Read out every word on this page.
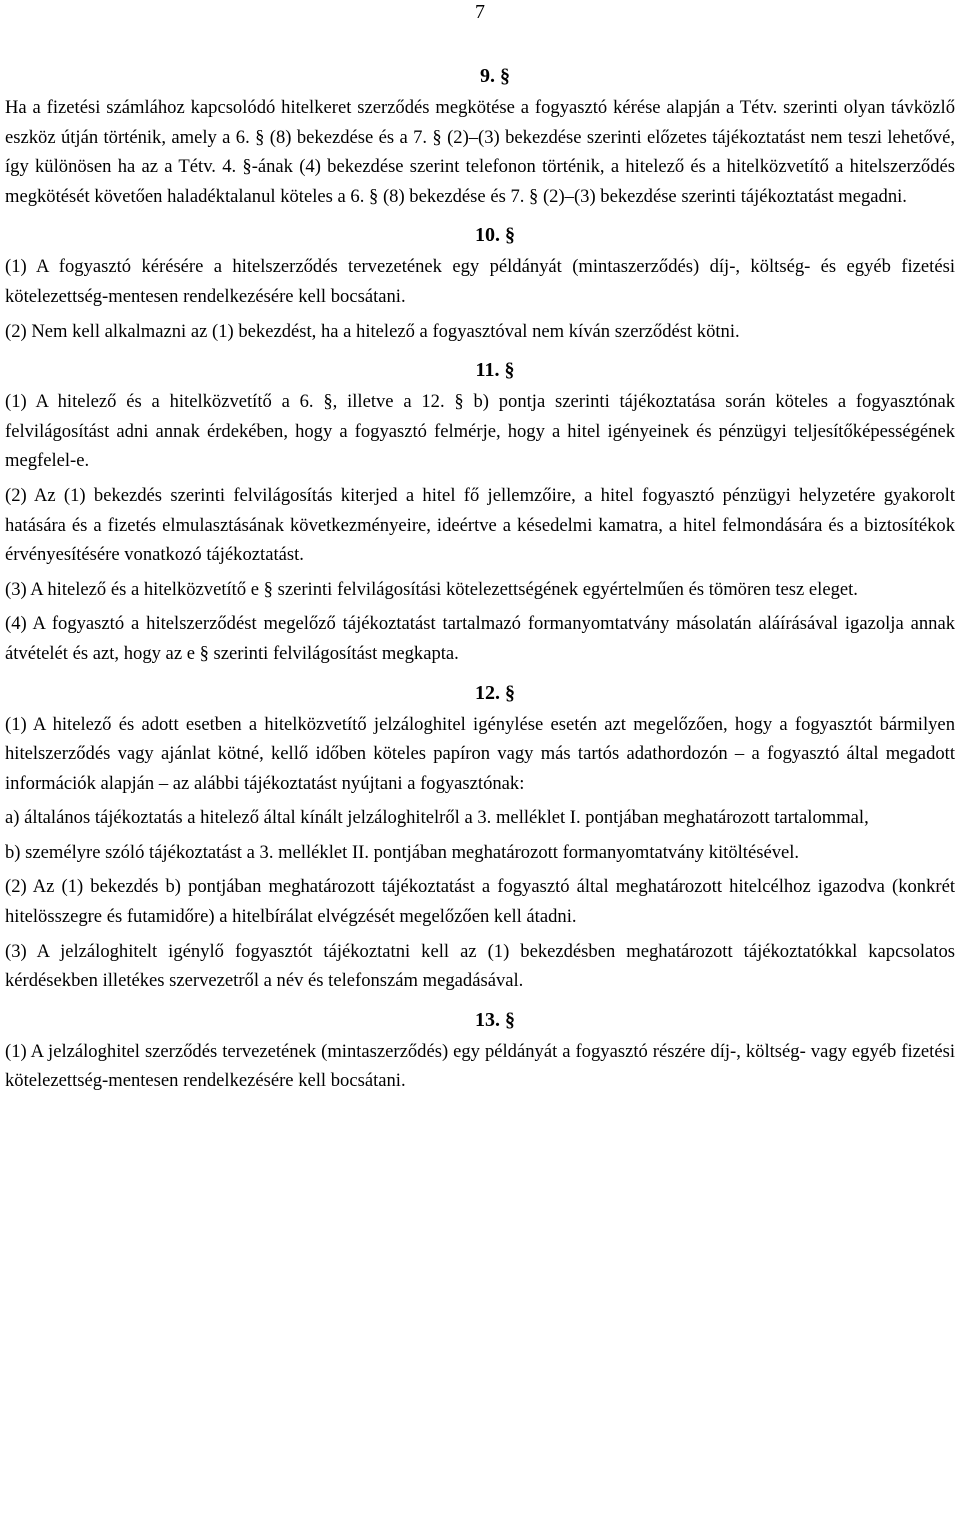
7
9. §

Ha a fizetési számlához kapcsolódó hitelkeret szerződés megkötése a fogyasztó kérése alapján a Tétv. szerinti olyan távközlő eszköz útján történik, amely a 6. § (8) bekezdése és a 7. § (2)–(3) bekezdése szerinti előzetes tájékoztatást nem teszi lehetővé, így különösen ha az a Tétv. 4. §-ának (4) bekezdése szerint telefonon történik, a hitelező és a hitelközvetítő a hitelszerződés megkötését követően haladéktalanul köteles a 6. § (8) bekezdése és 7. § (2)–(3) bekezdése szerinti tájékoztatást megadni.

10. §

(1) A fogyasztó kérésére a hitelszerződés tervezetének egy példányát (mintaszerződés) díj-, költség- és egyéb fizetési kötelezettség-mentesen rendelkezésére kell bocsátani.

(2) Nem kell alkalmazni az (1) bekezdést, ha a hitelező a fogyasztóval nem kíván szerződést kötni.

11. §

(1) A hitelező és a hitelközvetítő a 6. §, illetve a 12. § b) pontja szerinti tájékoztatása során köteles a fogyasztónak felvilágosítást adni annak érdekében, hogy a fogyasztó felmérje, hogy a hitel igényeinek és pénzügyi teljesítőképességének megfelel-e.

(2) Az (1) bekezdés szerinti felvilágosítás kiterjed a hitel fő jellemzőire, a hitel fogyasztó pénzügyi helyzetére gyakorolt hatására és a fizetés elmulasztásának következményeire, ideértve a késedelmi kamatra, a hitel felmondására és a biztosítékok érvényesítésére vonatkozó tájékoztatást.

(3) A hitelező és a hitelközvetítő e § szerinti felvilágosítási kötelezettségének egyértelműen és tömören tesz eleget.

(4) A fogyasztó a hitelszerződést megelőző tájékoztatást tartalmazó formanyomtatvány másolatán aláírásával igazolja annak átvételét és azt, hogy az e § szerinti felvilágosítást megkapta.

12. §

(1) A hitelező és adott esetben a hitelközvetítő jelzáloghitel igénylése esetén azt megelőzően, hogy a fogyasztót bármilyen hitelszerződés vagy ajánlat kötné, kellő időben köteles papíron vagy más tartós adathordozón – a fogyasztó által megadott információk alapján – az alábbi tájékoztatást nyújtani a fogyasztónak:

a) általános tájékoztatás a hitelező által kínált jelzáloghitelről a 3. melléklet I. pontjában meghatározott tartalommal,

b) személyre szóló tájékoztatást a 3. melléklet II. pontjában meghatározott formanyomtatvány kitöltésével.

(2) Az (1) bekezdés b) pontjában meghatározott tájékoztatást a fogyasztó által meghatározott hitelcélhoz igazodva (konkrét hitelösszegre és futamidőre) a hitelbírálat elvégzését megelőzően kell átadni.

(3) A jelzáloghitelt igénylő fogyasztót tájékoztatni kell az (1) bekezdésben meghatározott tájékoztatókkal kapcsolatos kérdésekben illetékes szervezetről a név és telefonszám megadásával.

13. §

(1) A jelzáloghitel szerződés tervezetének (mintaszerződés) egy példányát a fogyasztó részére díj-, költség- vagy egyéb fizetési kötelezettség-mentesen rendelkezésére kell bocsátani.
